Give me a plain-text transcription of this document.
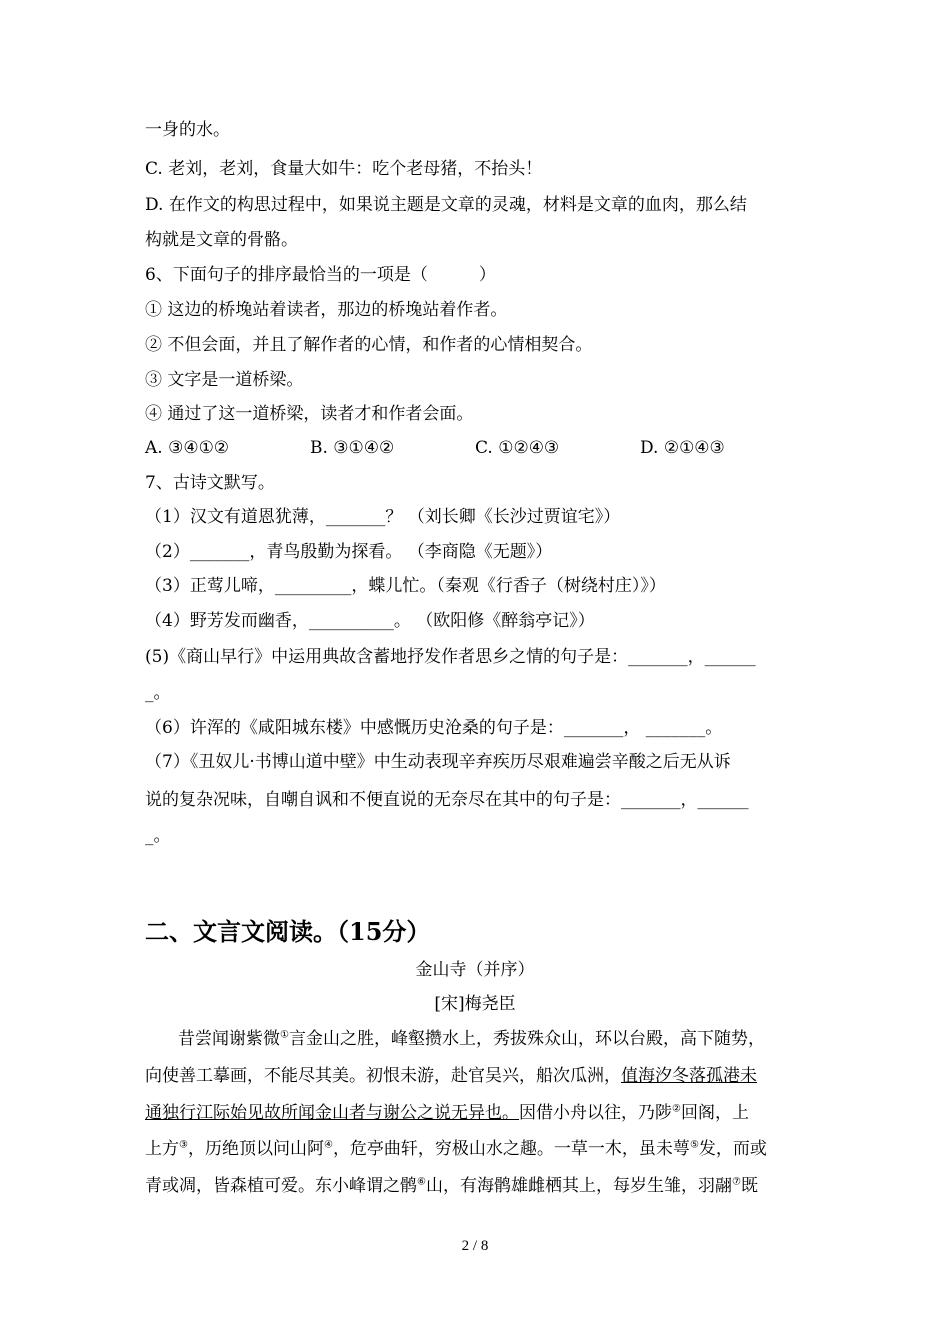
一身的水。
C. 老刘，老刘，食量大如牛：吃个老母猪，不抬头！
D. 在作文的构思过程中，如果说主题是文章的灵魂，材料是文章的血肉，那么结
构就是文章的骨骼。
6、下面句子的排序最恰当的一项是（　　　）
① 这边的桥堍站着读者，那边的桥堍站着作者。
② 不但会面，并且了解作者的心情，和作者的心情相契合。
③ 文字是一道桥梁。
④ 通过了这一道桥梁，读者才和作者会面。
A. ③④①②	B. ③①④②	C. ①②④③	D. ②①④③
7、古诗文默写。
（1）汉文有道恩犹薄，_______？ （刘长卿《长沙过贾谊宅》）
（2）_______，青鸟殷勤为探看。 （李商隐《无题》）
（3）正莺儿啼，_________，蝶儿忙。（秦观《行香子（树绕村庄）》）
（4）野芳发而幽香，__________。 （欧阳修《醉翁亭记》）
(5)《商山早行》中运用典故含蓄地抒发作者思乡之情的句子是：_______，______
_。
（6）许浑的《咸阳城东楼》中感慨历史沧桑的句子是：_______， _______。
（7）《丑奴儿·书博山道中壁》中生动表现辛弃疾历尽艰难遍尝辛酸之后无从诉
说的复杂况味，自嘲自讽和不便直说的无奈尽在其中的句子是：_______，______
_。
二、文言文阅读。（15分）
金山寺（并序）
[宋]梅尧臣
昔尝闻谢紫微①言金山之胜，峰壑攒水上，秀拔殊众山，环以台殿，高下随势，
向使善工摹画，不能尽其美。初恨未游，赴官吴兴，船次瓜洲，值海汐冬落孤港未
通独行江际始见故所闻金山者与谢公之说无异也。因借小舟以往，乃陟②回阁，上
上方③，历绝顶以问山阿④，危亭曲轩，穷极山水之趣。一草一木，虽未萼⑤发，而或
青或凋，皆森植可爱。东小峰谓之鹘⑥山，有海鹘雄雌栖其上，每岁生雏，羽翮⑦既
2 / 8
